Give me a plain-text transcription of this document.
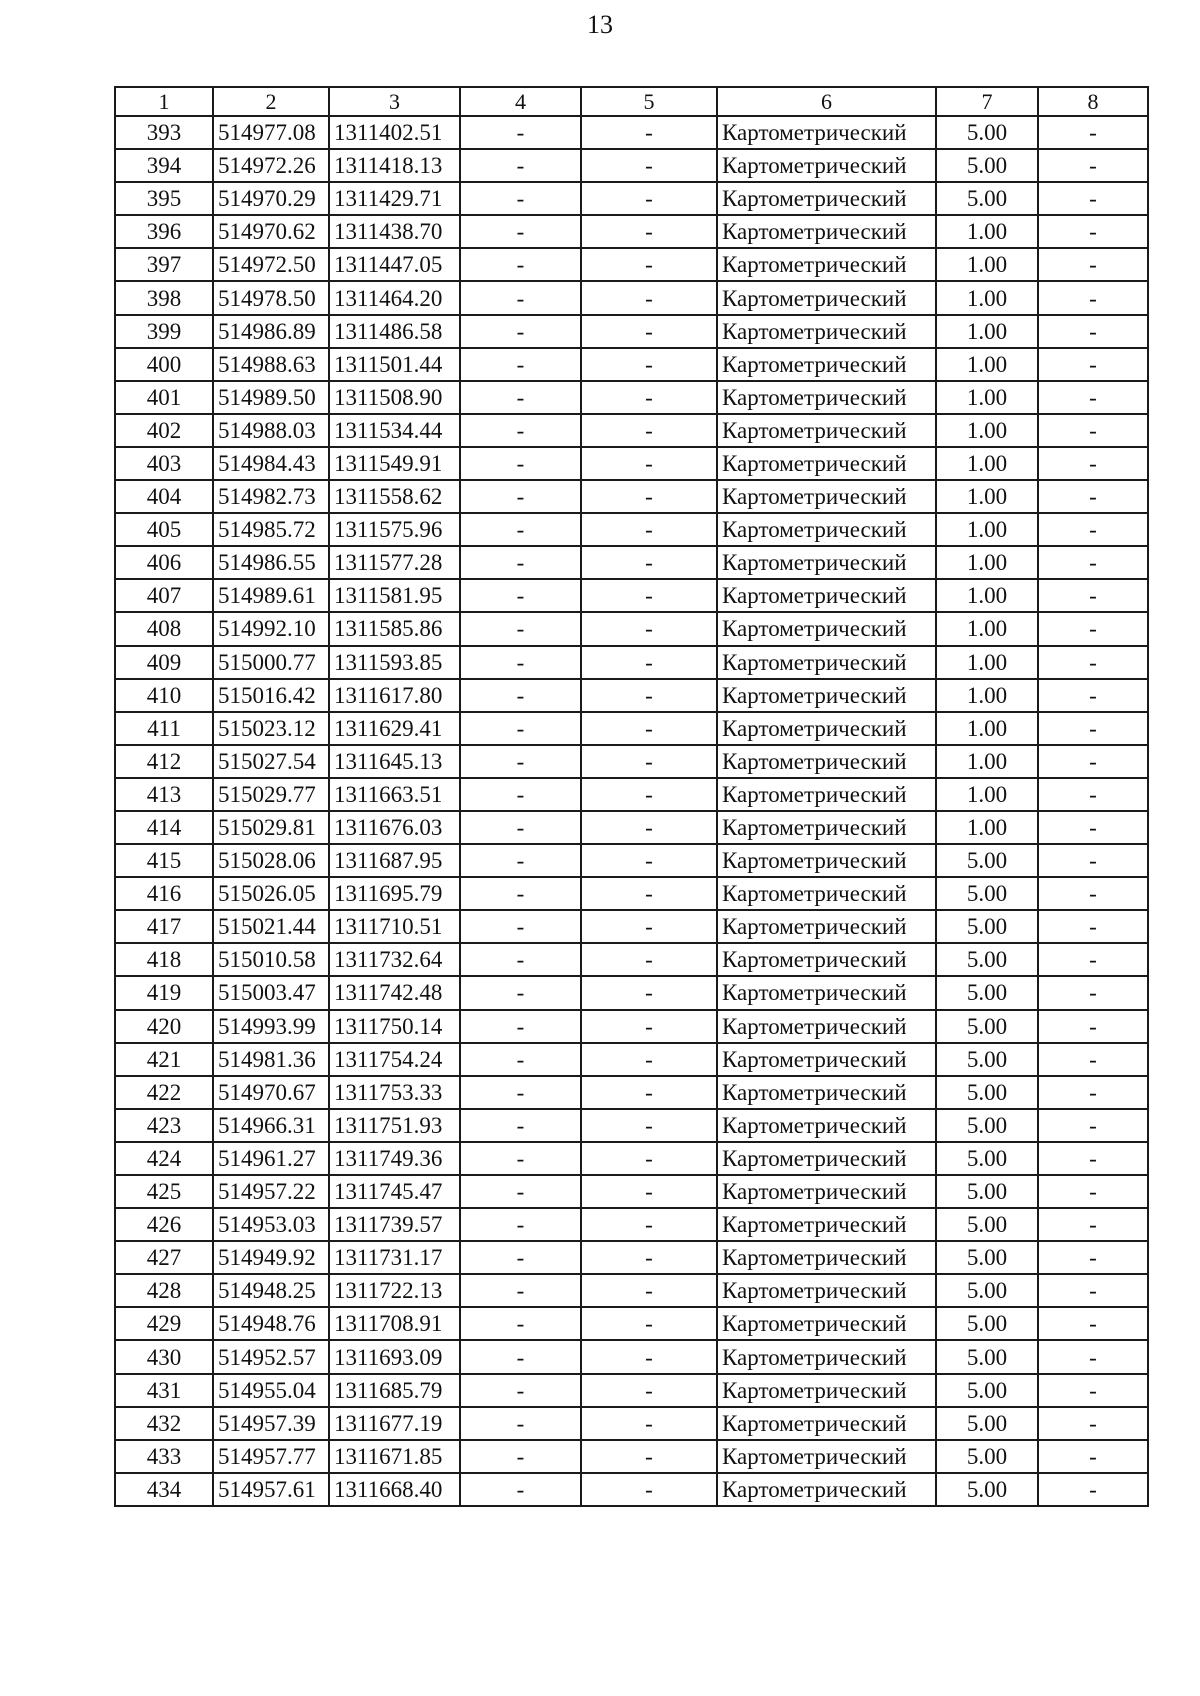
13
1	2	3	4	5	6	7	8
393	514977.08	1311402.51	-	-	Картометрический	5.00	-
394	514972.26	1311418.13	-	-	Картометрический	5.00	-
395	514970.29	1311429.71	-	-	Картометрический	5.00	-
396	514970.62	1311438.70	-	-	Картометрический	1.00	-
397	514972.50	1311447.05	-	-	Картометрический	1.00	-
398	514978.50	1311464.20	-	-	Картометрический	1.00	-
399	514986.89	1311486.58	-	-	Картометрический	1.00	-
400	514988.63	1311501.44	-	-	Картометрический	1.00	-
401	514989.50	1311508.90	-	-	Картометрический	1.00	-
402	514988.03	1311534.44	-	-	Картометрический	1.00	-
403	514984.43	1311549.91	-	-	Картометрический	1.00	-
404	514982.73	1311558.62	-	-	Картометрический	1.00	-
405	514985.72	1311575.96	-	-	Картометрический	1.00	-
406	514986.55	1311577.28	-	-	Картометрический	1.00	-
407	514989.61	1311581.95	-	-	Картометрический	1.00	-
408	514992.10	1311585.86	-	-	Картометрический	1.00	-
409	515000.77	1311593.85	-	-	Картометрический	1.00	-
410	515016.42	1311617.80	-	-	Картометрический	1.00	-
411	515023.12	1311629.41	-	-	Картометрический	1.00	-
412	515027.54	1311645.13	-	-	Картометрический	1.00	-
413	515029.77	1311663.51	-	-	Картометрический	1.00	-
414	515029.81	1311676.03	-	-	Картометрический	1.00	-
415	515028.06	1311687.95	-	-	Картометрический	5.00	-
416	515026.05	1311695.79	-	-	Картометрический	5.00	-
417	515021.44	1311710.51	-	-	Картометрический	5.00	-
418	515010.58	1311732.64	-	-	Картометрический	5.00	-
419	515003.47	1311742.48	-	-	Картометрический	5.00	-
420	514993.99	1311750.14	-	-	Картометрический	5.00	-
421	514981.36	1311754.24	-	-	Картометрический	5.00	-
422	514970.67	1311753.33	-	-	Картометрический	5.00	-
423	514966.31	1311751.93	-	-	Картометрический	5.00	-
424	514961.27	1311749.36	-	-	Картометрический	5.00	-
425	514957.22	1311745.47	-	-	Картометрический	5.00	-
426	514953.03	1311739.57	-	-	Картометрический	5.00	-
427	514949.92	1311731.17	-	-	Картометрический	5.00	-
428	514948.25	1311722.13	-	-	Картометрический	5.00	-
429	514948.76	1311708.91	-	-	Картометрический	5.00	-
430	514952.57	1311693.09	-	-	Картометрический	5.00	-
431	514955.04	1311685.79	-	-	Картометрический	5.00	-
432	514957.39	1311677.19	-	-	Картометрический	5.00	-
433	514957.77	1311671.85	-	-	Картометрический	5.00	-
434	514957.61	1311668.40	-	-	Картометрический	5.00	-
